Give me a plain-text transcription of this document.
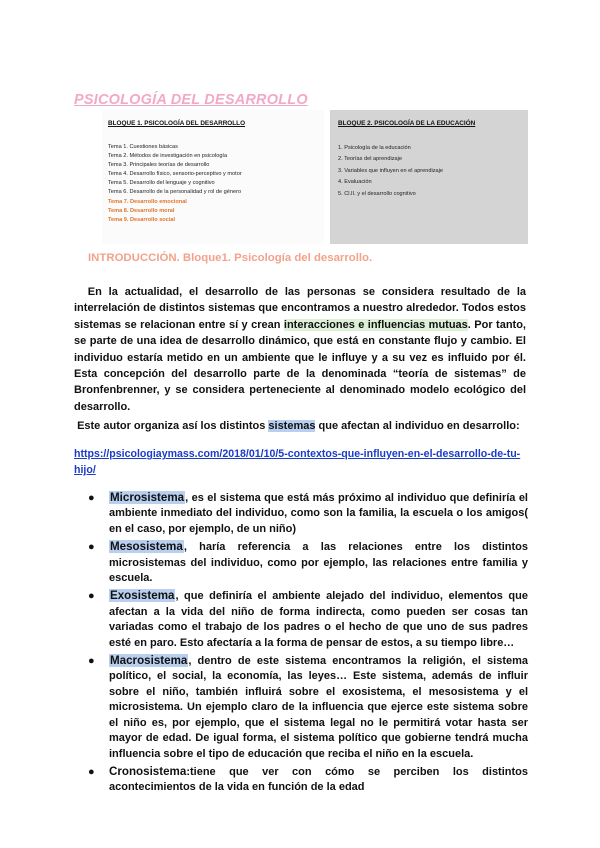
PSICOLOGÍA DEL DESARROLLO
BLOQUE 1. PSICOLOGÍA DEL DESARROLLO
Tema 1. Cuestiones básicas
Tema 2. Métodos de investigación en psicología
Tema 3. Principales teorías de desarrollo
Tema 4. Desarrollo físico, sensorio-perceptivo y motor
Tema 5. Desarrollo del lenguaje y cognitivo
Tema 6. Desarrollo de la personalidad y rol de género
Tema 7. Desarrollo emocional
Tema 8. Desarrollo moral
Tema 9. Desarrollo social
BLOQUE 2. PSICOLOGÍA DE LA EDUCACIÓN
1. Psicología de la educación
2. Teorías del aprendizaje
3. Variables que influyen en el aprendizaje
4. Evaluación
5. Cl.II. y el desarrollo cognitivo
INTRODUCCIÓN. Bloque1. Psicología del desarrollo.

En la actualidad, el desarrollo de las personas se considera resultado de la interrelación de distintos sistemas que encontramos a nuestro alrededor. Todos estos sistemas se relacionan entre sí y crean interacciones e influencias mutuas. Por tanto, se parte de una idea de desarrollo dinámico, que está en constante flujo y cambio. El individuo estaría metido en un ambiente que le influye y a su vez es influido por él. Esta concepción del desarrollo parte de la denominada “teoría de sistemas” de Bronfenbrenner, y se considera perteneciente al denominado modelo ecológico del desarrollo.

Este autor organiza así los distintos sistemas que afectan al individuo en desarrollo:

https://psicologiaymass.com/2018/01/10/5-contextos-que-influyen-en-el-desarrollo-de-tu-hijo/
● Microsistema, es el sistema que está más próximo al individuo que definiría el ambiente inmediato del individuo, como son la familia, la escuela o los amigos( en el caso, por ejemplo, de un niño)
● Mesosistema, haría referencia a las relaciones entre los distintos microsistemas del individuo, como por ejemplo, las relaciones entre familia y escuela.
● Exosistema, que definiría el ambiente alejado del individuo, elementos que afectan a la vida del niño de forma indirecta, como pueden ser cosas tan variadas como el trabajo de los padres o el hecho de que uno de sus padres esté en paro. Esto afectaría a la forma de pensar de estos, a su tiempo libre…
● Macrosistema, dentro de este sistema encontramos la religión, el sistema político, el social, la economía, las leyes… Este sistema, además de influir sobre el niño, también influirá sobre el exosistema, el mesosistema y el microsistema. Un ejemplo claro de la influencia que ejerce este sistema sobre el niño es, por ejemplo, que el sistema legal no le permitirá votar hasta ser mayor de edad. De igual forma, el sistema político que gobierne tendrá mucha influencia sobre el tipo de educación que reciba el niño en la escuela.
● Cronosistema:tiene que ver con cómo se perciben los distintos acontecimientos de la vida en función de la edad
